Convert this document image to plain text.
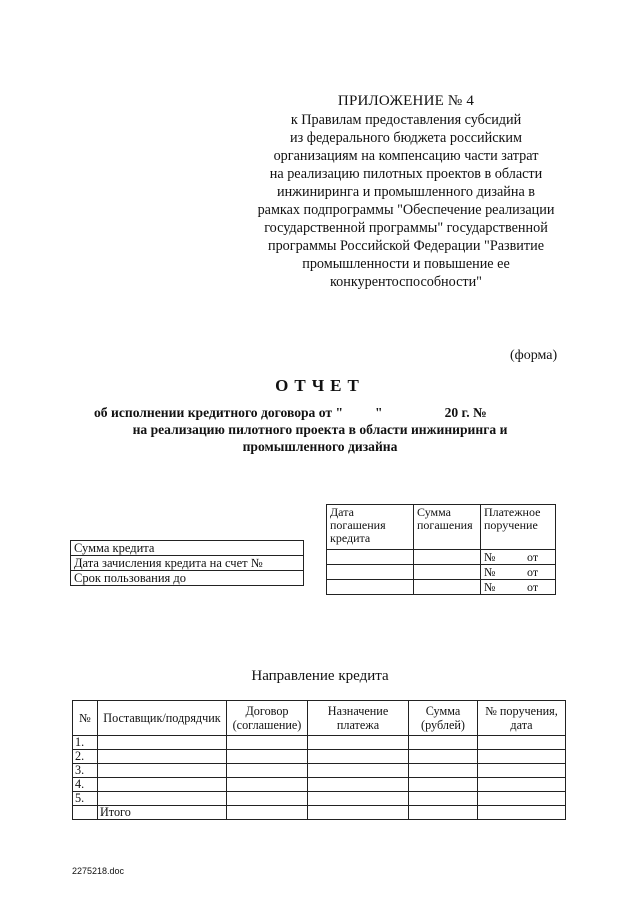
ПРИЛОЖЕНИЕ № 4
к Правилам предоставления субсидий
из федерального бюджета российским
организациям на компенсацию части затрат
на реализацию пилотных проектов в области
инжиниринга и промышленного дизайна в
рамках подпрограммы "Обеспечение реализации
государственной программы" государственной
программы Российской Федерации "Развитие
промышленности и повышение ее
конкурентоспособности"
(форма)
ОТЧЕТ
об исполнении кредитного договора от " "	20 г. №
на реализацию пилотного проекта в области инжиниринга и
промышленного дизайна
Сумма кредита
Дата зачисления кредита на счет №
Срок пользования до
Дата погашения кредита	Сумма погашения	Платежное поручение

		№ от

		№ от

		№ от
Направление кредита
№	Поставщик/подрядчик	Договор (соглашение)	Назначение платежа	Сумма (рублей)	№ поручения, дата
1.					
2.					
3.					
4.					
5.					
	Итого				
2275218.doc
